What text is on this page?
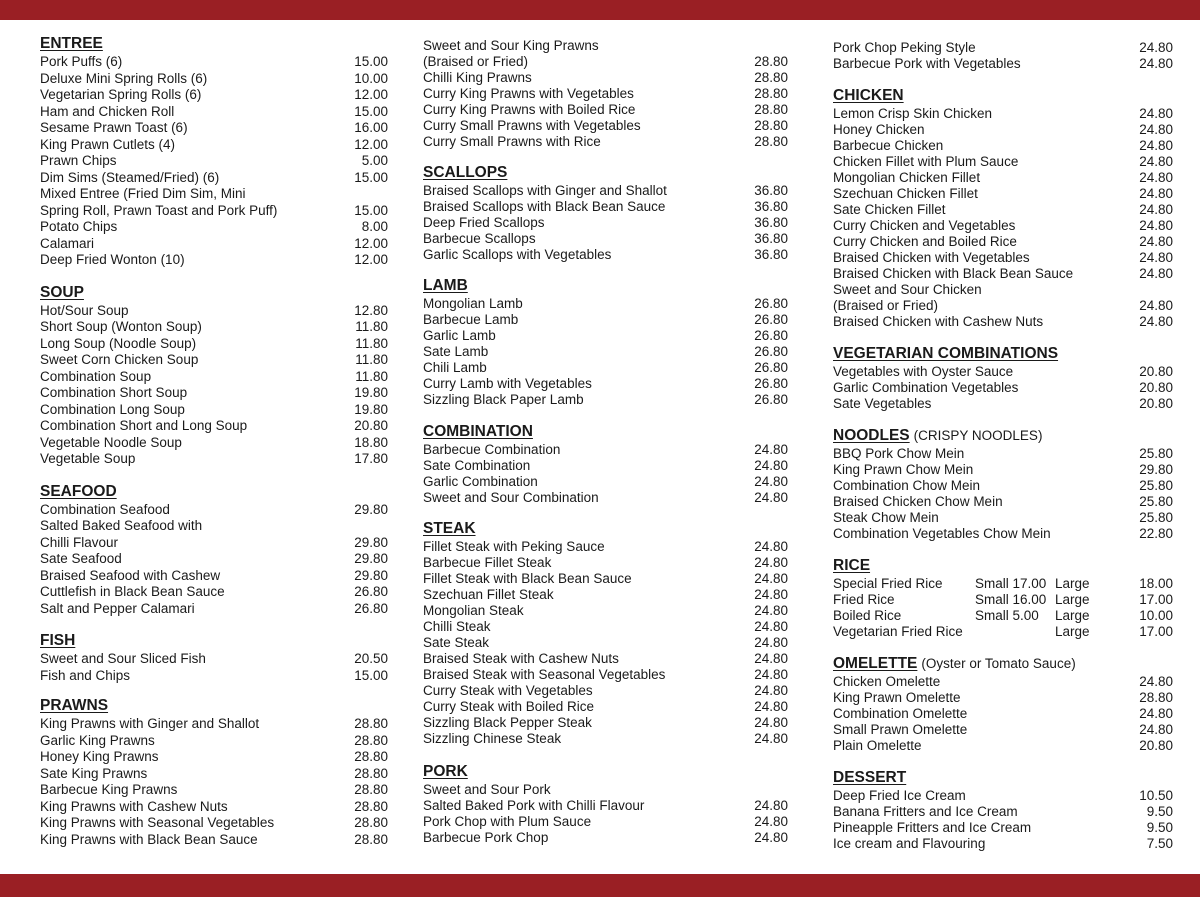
ENTREE
Pork Puffs (6)	15.00
Deluxe Mini Spring Rolls (6)	10.00
Vegetarian Spring Rolls (6)	12.00
Ham and Chicken Roll	15.00
Sesame Prawn Toast (6)	16.00
King Prawn Cutlets (4)	12.00
Prawn Chips	5.00
Dim Sims (Steamed/Fried) (6)	15.00
Mixed Entree (Fried Dim Sim, Mini
Spring Roll, Prawn Toast and Pork Puff)	15.00
Potato Chips	8.00
Calamari	12.00
Deep Fried Wonton (10)	12.00
SOUP
Hot/Sour Soup	12.80
Short Soup (Wonton Soup)	11.80
Long Soup (Noodle Soup)	11.80
Sweet Corn Chicken Soup	11.80
Combination Soup	11.80
Combination Short Soup	19.80
Combination Long Soup	19.80
Combination Short and Long Soup	20.80
Vegetable Noodle Soup	18.80
Vegetable Soup	17.80
SEAFOOD
Combination Seafood	29.80
Salted Baked Seafood with
Chilli Flavour	29.80
Sate Seafood	29.80
Braised Seafood with Cashew	29.80
Cuttlefish in Black Bean Sauce	26.80
Salt and Pepper Calamari	26.80
FISH
Sweet and Sour Sliced Fish	20.50
Fish and Chips	15.00
PRAWNS
King Prawns with Ginger and Shallot	28.80
Garlic King Prawns	28.80
Honey King Prawns	28.80
Sate King Prawns	28.80
Barbecue King Prawns	28.80
King Prawns with Cashew Nuts	28.80
King Prawns with Seasonal Vegetables	28.80
King Prawns with Black Bean Sauce	28.80
Sweet and Sour King Prawns
(Braised or Fried)	28.80
Chilli King Prawns	28.80
Curry King Prawns with Vegetables	28.80
Curry King Prawns with Boiled Rice	28.80
Curry Small Prawns with Vegetables	28.80
Curry Small Prawns with Rice	28.80
SCALLOPS
Braised Scallops with Ginger and Shallot	36.80
Braised Scallops with Black Bean Sauce	36.80
Deep Fried Scallops	36.80
Barbecue Scallops	36.80
Garlic Scallops with Vegetables	36.80
LAMB
Mongolian Lamb	26.80
Barbecue Lamb	26.80
Garlic Lamb	26.80
Sate Lamb	26.80
Chili Lamb	26.80
Curry Lamb with Vegetables	26.80
Sizzling Black Paper Lamb	26.80
COMBINATION
Barbecue Combination	24.80
Sate Combination	24.80
Garlic Combination	24.80
Sweet and Sour Combination	24.80
STEAK
Fillet Steak with Peking Sauce	24.80
Barbecue Fillet Steak	24.80
Fillet Steak with Black Bean Sauce	24.80
Szechuan Fillet Steak	24.80
Mongolian Steak	24.80
Chilli Steak	24.80
Sate Steak	24.80
Braised Steak with Cashew Nuts	24.80
Braised Steak with Seasonal Vegetables	24.80
Curry Steak with Vegetables	24.80
Curry Steak with Boiled Rice	24.80
Sizzling Black Pepper Steak	24.80
Sizzling Chinese Steak	24.80
PORK
Sweet and Sour Pork
Salted Baked Pork with Chilli Flavour	24.80
Pork Chop with Plum Sauce	24.80
Barbecue Pork Chop	24.80
Pork Chop Peking Style	24.80
Barbecue Pork with Vegetables	24.80
CHICKEN
Lemon Crisp Skin Chicken	24.80
Honey Chicken	24.80
Barbecue Chicken	24.80
Chicken Fillet with Plum Sauce	24.80
Mongolian Chicken Fillet	24.80
Szechuan Chicken Fillet	24.80
Sate Chicken Fillet	24.80
Curry Chicken and Vegetables	24.80
Curry Chicken and Boiled Rice	24.80
Braised Chicken with Vegetables	24.80
Braised Chicken with Black Bean Sauce	24.80
Sweet and Sour Chicken
(Braised or Fried)	24.80
Braised Chicken with Cashew Nuts	24.80
VEGETARIAN COMBINATIONS
Vegetables with Oyster Sauce	20.80
Garlic Combination Vegetables	20.80
Sate Vegetables	20.80
NOODLES (CRISPY NOODLES)
BBQ Pork Chow Mein	25.80
King Prawn Chow Mein	29.80
Combination Chow Mein	25.80
Braised Chicken Chow Mein	25.80
Steak Chow Mein	25.80
Combination Vegetables Chow Mein	22.80
RICE
Special Fried Rice	Small 17.00 Large	18.00
Fried Rice	Small 16.00 Large	17.00
Boiled Rice	Small 5.00	Large	10.00
Vegetarian Fried Rice	Large	17.00
OMELETTE (Oyster or Tomato Sauce)
Chicken Omelette	24.80
King Prawn Omelette	28.80
Combination Omelette	24.80
Small Prawn Omelette	24.80
Plain Omelette	20.80
DESSERT
Deep Fried Ice Cream	10.50
Banana Fritters and Ice Cream	9.50
Pineapple Fritters and Ice Cream	9.50
Ice cream and Flavouring	7.50
